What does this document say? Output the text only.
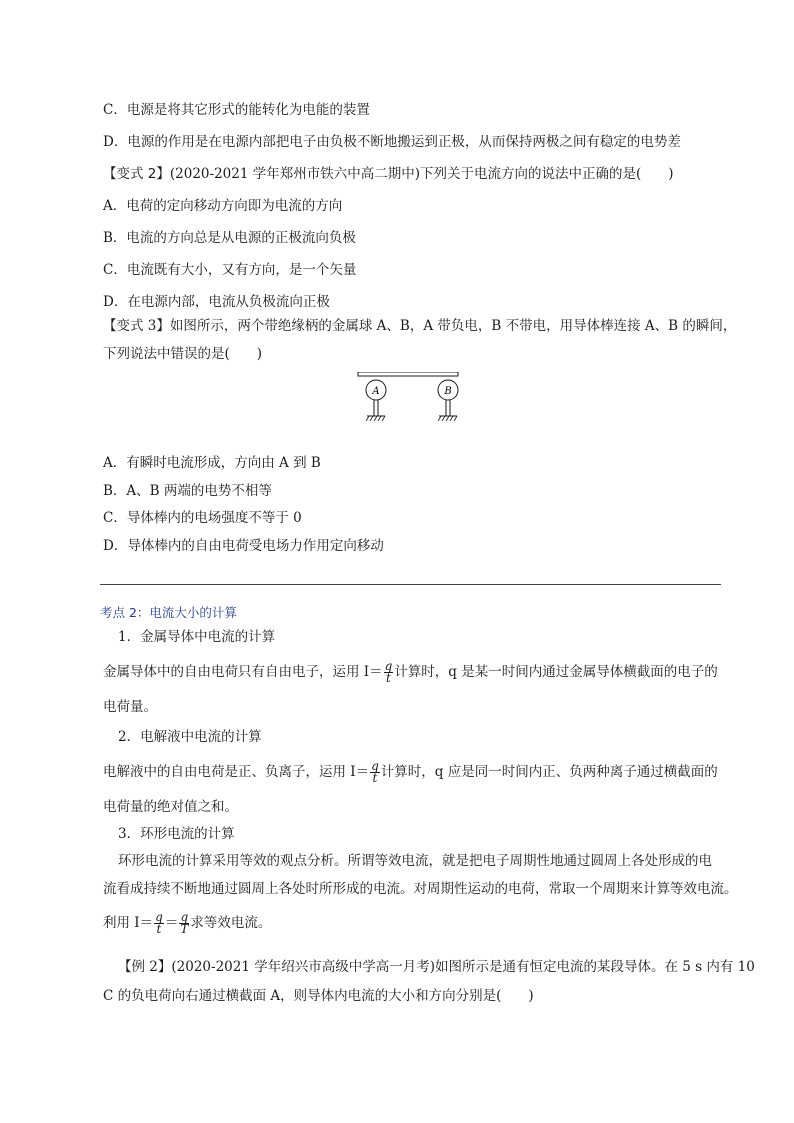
C．电源是将其它形式的能转化为电能的装置
D．电源的作用是在电源内部把电子由负极不断地搬运到正极，从而保持两极之间有稳定的电势差
【变式 2】(2020-2021 学年郑州市铁六中高二期中)下列关于电流方向的说法中正确的是(　　)
A．电荷的定向移动方向即为电流的方向
B．电流的方向总是从电源的正极流向负极
C．电流既有大小，又有方向，是一个矢量
D．在电源内部，电流从负极流向正极
【变式 3】如图所示，两个带绝缘柄的金属球 A、B，A 带负电，B 不带电，用导体棒连接 A、B 的瞬间，
下列说法中错误的是(　　)
A	B
A．有瞬时电流形成，方向由 A 到 B
B．A、B 两端的电势不相等
C．导体棒内的电场强度不等于 0
D．导体棒内的自由电荷受电场力作用定向移动
考点 2：电流大小的计算
1．金属导体中电流的计算
金属导体中的自由电荷只有自由电子，运用 $I= \frac{q}{t}$ 计算时，q 是某一时间内通过金属导体横截面的电子的
电荷量。
2．电解液中电流的计算
电解液中的自由电荷是正、负离子，运用 $I= \frac{q}{t}$ 计算时，q 应是同一时间内正、负两种离子通过横截面的
电荷量的绝对值之和。
3．环形电流的计算
环形电流的计算采用等效的观点分析。所谓等效电流，就是把电子周期性地通过圆周上各处形成的电
流看成持续不断地通过圆周上各处时所形成的电流。对周期性运动的电荷，常取一个周期来计算等效电流。
利用 $I= \frac{q}{t} = \frac{q}{T}$ 求等效电流。
【例 2】(2020-2021 学年绍兴市高级中学高一月考)如图所示是通有恒定电流的某段导体。在 5 s 内有 10
C 的负电荷向右通过横截面 A，则导体内电流的大小和方向分别是(　　)
